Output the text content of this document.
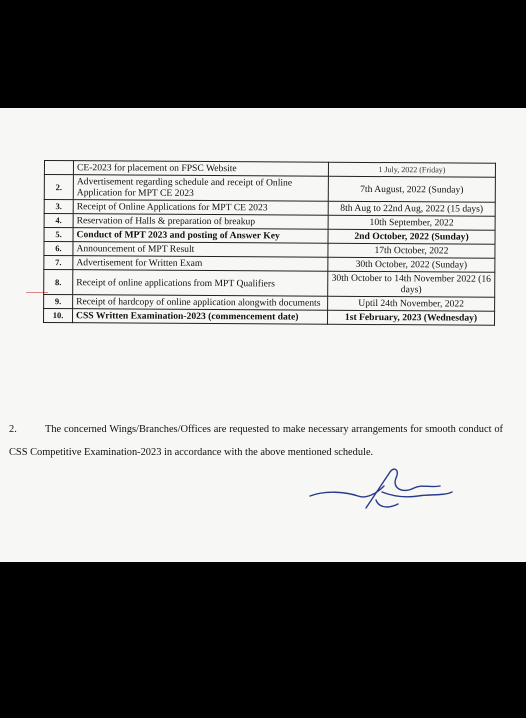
	CE-2023 for placement on FPSC Website	1 July, 2022 (Friday)
2.	Advertisement regarding schedule and receipt of Online Application for MPT CE 2023	7th August, 2022 (Sunday)
3.	Receipt of Online Applications for MPT CE 2023	8th Aug to 22nd Aug, 2022 (15 days)
4.	Reservation of Halls & preparation of breakup	10th September, 2022
5.	Conduct of MPT 2023 and posting of Answer Key	2nd October, 2022 (Sunday)
6.	Announcement of MPT Result	17th October, 2022
7.	Advertisement for Written Exam	30th October, 2022 (Sunday)
8.	Receipt of online applications from MPT Qualifiers	30th October to 14th November 2022 (16 days)
9.	Receipt of hardcopy of online application alongwith documents	Uptil 24th November, 2022
10.	CSS Written Examination-2023 (commencement date)	1st February, 2023 (Wednesday)

2.	The concerned Wings/Branches/Offices are requested to make necessary arrangements for smooth conduct of CSS Competitive Examination-2023 in accordance with the above mentioned schedule.
